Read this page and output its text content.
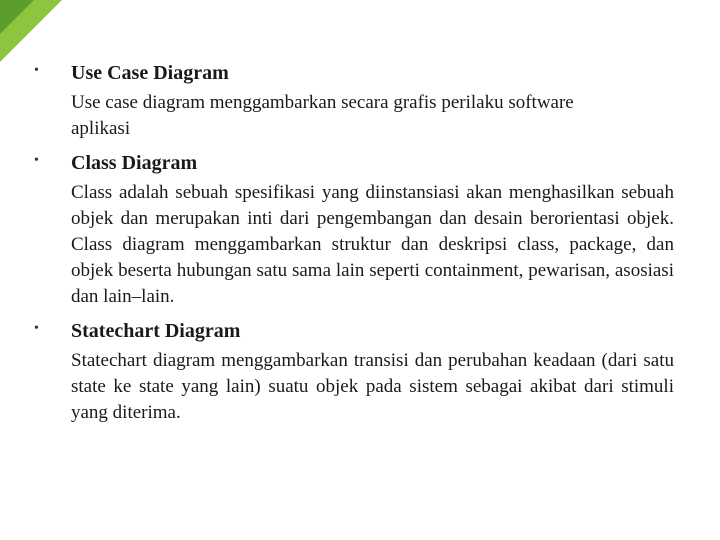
• Use Case Diagram

Use case diagram menggambarkan secara grafis perilaku software aplikasi

• Class Diagram

Class adalah sebuah spesifikasi yang diinstansiasi akan menghasilkan sebuah objek dan merupakan inti dari pengembangan dan desain berorientasi objek. Class diagram menggambarkan struktur dan deskripsi class, package, dan objek beserta hubungan satu sama lain seperti containment, pewarisan, asosiasi dan lain–lain.

• Statechart Diagram

Statechart diagram menggambarkan transisi dan perubahan keadaan (dari satu state ke state yang lain) suatu objek pada sistem sebagai akibat dari stimuli yang diterima.
